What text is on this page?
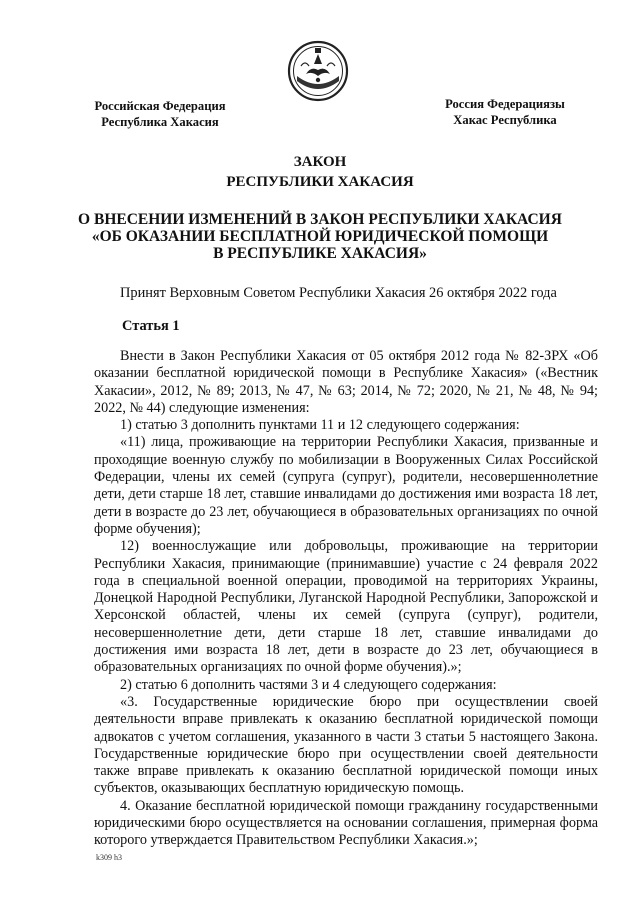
Российская Федерация
Республика Хакасия
Россия Федерациязы
Хакас Республика
ЗАКОН
РЕСПУБЛИКИ ХАКАСИЯ
О ВНЕСЕНИИ ИЗМЕНЕНИЙ В ЗАКОН РЕСПУБЛИКИ ХАКАСИЯ
«ОБ ОКАЗАНИИ БЕСПЛАТНОЙ ЮРИДИЧЕСКОЙ ПОМОЩИ
В РЕСПУБЛИКЕ ХАКАСИЯ»
Принят Верховным Советом Республики Хакасия 26 октября 2022 года
Статья 1

Внести в Закон Республики Хакасия от 05 октября 2012 года № 82-ЗРХ «Об оказании бесплатной юридической помощи в Республике Хакасия» («Вестник Хакасии», 2012, № 89; 2013, № 47, № 63; 2014, № 72; 2020, № 21, № 48, № 94; 2022, № 44) следующие изменения:

1) статью 3 дополнить пунктами 11 и 12 следующего содержания:

«11) лица, проживающие на территории Республики Хакасия, призванные и проходящие военную службу по мобилизации в Вооруженных Силах Российской Федерации, члены их семей (супруга (супруг), родители, несовершеннолетние дети, дети старше 18 лет, ставшие инвалидами до достижения ими возраста 18 лет, дети в возрасте до 23 лет, обучающиеся в образовательных организациях по очной форме обучения);

12) военнослужащие или добровольцы, проживающие на территории Республики Хакасия, принимающие (принимавшие) участие с 24 февраля 2022 года в специальной военной операции, проводимой на территориях Украины, Донецкой Народной Республики, Луганской Народной Республики, Запорожской и Херсонской областей, члены их семей (супруга (супруг), родители, несовершеннолетние дети, дети старше 18 лет, ставшие инвалидами до достижения ими возраста 18 лет, дети в возрасте до 23 лет, обучающиеся в образовательных организациях по очной форме обучения).»;

2) статью 6 дополнить частями 3 и 4 следующего содержания:

«3. Государственные юридические бюро при осуществлении своей деятельности вправе привлекать к оказанию бесплатной юридической помощи адвокатов с учетом соглашения, указанного в части 3 статьи 5 настоящего Закона. Государственные юридические бюро при осуществлении своей деятельности также вправе привлекать к оказанию бесплатной юридической помощи иных субъектов, оказывающих бесплатную юридическую помощь.

4. Оказание бесплатной юридической помощи гражданину государственными юридическими бюро осуществляется на основании соглашения, примерная форма которого утверждается Правительством Республики Хакасия.»;

k309 h3
